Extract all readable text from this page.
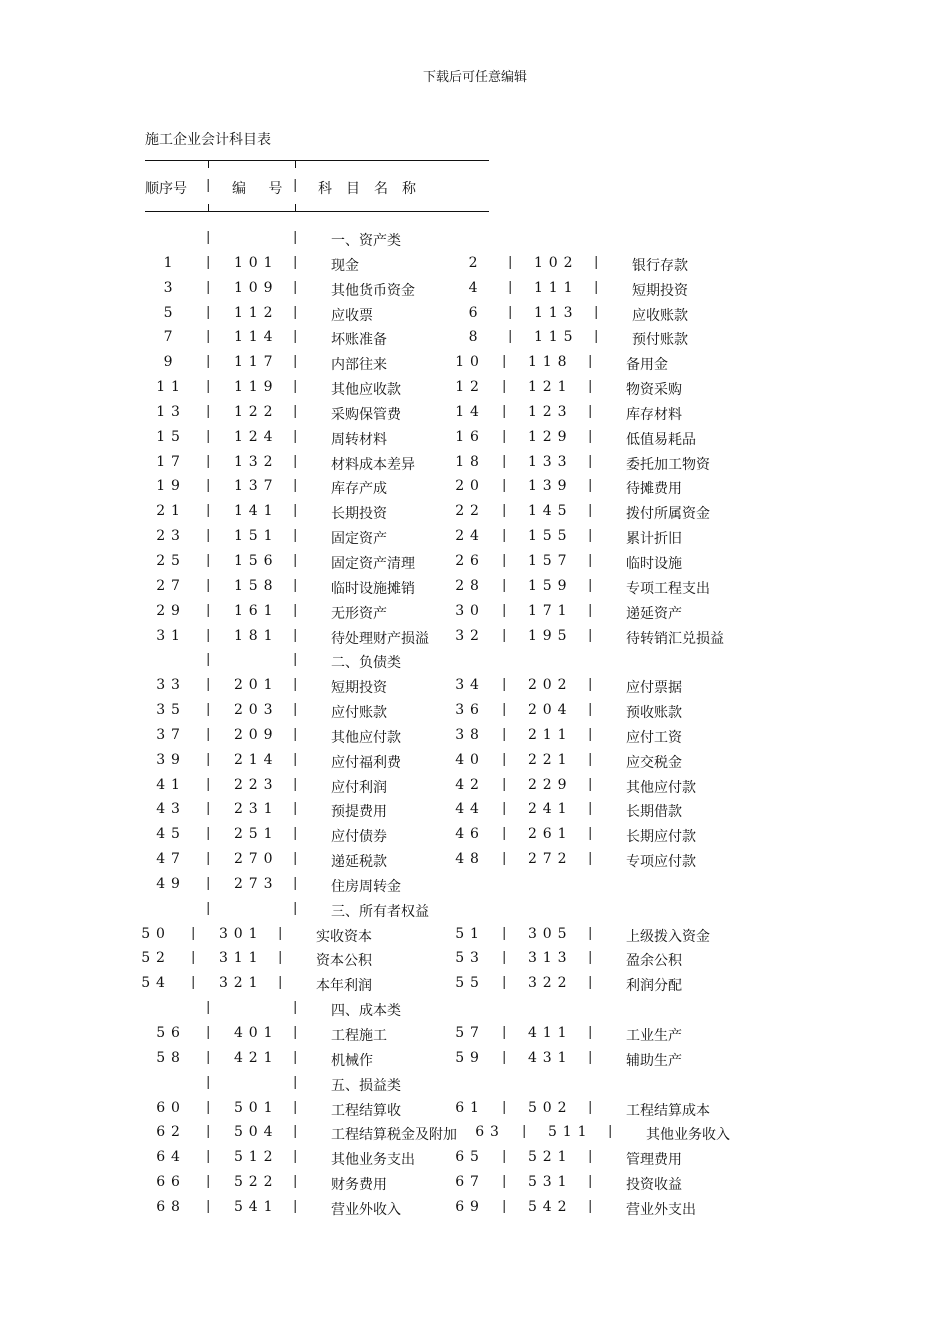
下载后可任意编辑
施工企业会计科目表
顺序号 | 编　号 | 科　目　名　称
|	| 一、资产类
1	| 101 | 现金	2	| 102 | 银行存款
3	| 109 | 其他货币资金	4	| 111 | 短期投资
5	| 112 | 应收票	6	| 113 | 应收账款
7	| 114 | 坏账准备	8	| 115 | 预付账款
9	| 117 | 内部往来	10	| 118 | 备用金
11	| 119 | 其他应收款	12	| 121 | 物资采购
13	| 122 | 采购保管费	14	| 123 | 库存材料
15	| 124 | 周转材料	16	| 129 | 低值易耗品
17	| 132 | 材料成本差异	18	| 133 | 委托加工物资
19	| 137 | 库存产成	20	| 139 | 待摊费用
21	| 141 | 长期投资	22	| 145 | 拨付所属资金
23	| 151 | 固定资产	24	| 155 | 累计折旧
25	| 156 | 固定资产清理	26	| 157 | 临时设施
27	| 158 | 临时设施摊销	28	| 159 | 专项工程支出
29	| 161 | 无形资产	30	| 171 | 递延资产
31	| 181 | 待处理财产损溢	32	| 195 | 待转销汇兑损益
|	| 二、负债类
33	| 201 | 短期投资	34	| 202 | 应付票据
35	| 203 | 应付账款	36	| 204 | 预收账款
37	| 209 | 其他应付款	38	| 211 | 应付工资
39	| 214 | 应付福利费	40	| 221 | 应交税金
41	| 223 | 应付利润	42	| 229 | 其他应付款
43	| 231 | 预提费用	44	| 241 | 长期借款
45	| 251 | 应付债券	46	| 261 | 长期应付款
47	| 270 | 递延税款	48	| 272 | 专项应付款
49	| 273 | 住房周转金
|	| 三、所有者权益
50	| 301 | 实收资本	51	| 305 | 上级拨入资金
52	| 311 | 资本公积	53	| 313 | 盈余公积
54	| 321 | 本年利润	55	| 322 | 利润分配
|	| 四、成本类
56	| 401 | 工程施工	57	| 411 | 工业生产
58	| 421 | 机械作	59	| 431 | 辅助生产
|	| 五、损益类
60	| 501 | 工程结算收	61	| 502 | 工程结算成本
62	| 504 | 工程结算税金及附加	63	| 511 | 其他业务收入
64	| 512 | 其他业务支出	65	| 521 | 管理费用
66	| 522 | 财务费用	67	| 531 | 投资收益
68	| 541 | 营业外收入	69	| 542 | 营业外支出
